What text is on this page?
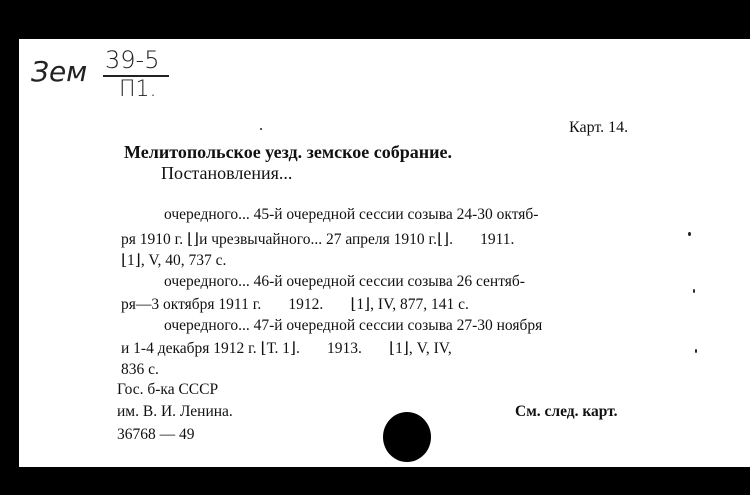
Зем 39-5
П1.
Карт. 14.
Мелитопольское уезд. земское собрание.
Постановления...
очередного... 45-й очередной сессии созыва 24-30 октяб-
ря 1910 г. ⌊⌋и чрезвычайного... 27 апреля 1910 г.⌊⌋.       1911.
⌊1⌋, V, 40, 737 с.
очередного... 46-й очередной сессии созыва 26 сентяб-
ря—3 октября 1911 г.       1912.       ⌊1⌋, IV, 877, 141 с.
очередного... 47-й очередной сессии созыва 27-30 ноября
и 1-4 декабря 1912 г. ⌊Т. 1⌋.       1913.       ⌊1⌋, V, IV,
836 с.
Гос. б-ка СССР
им. В. И. Ленина.
36768 — 49
См. след. карт.
